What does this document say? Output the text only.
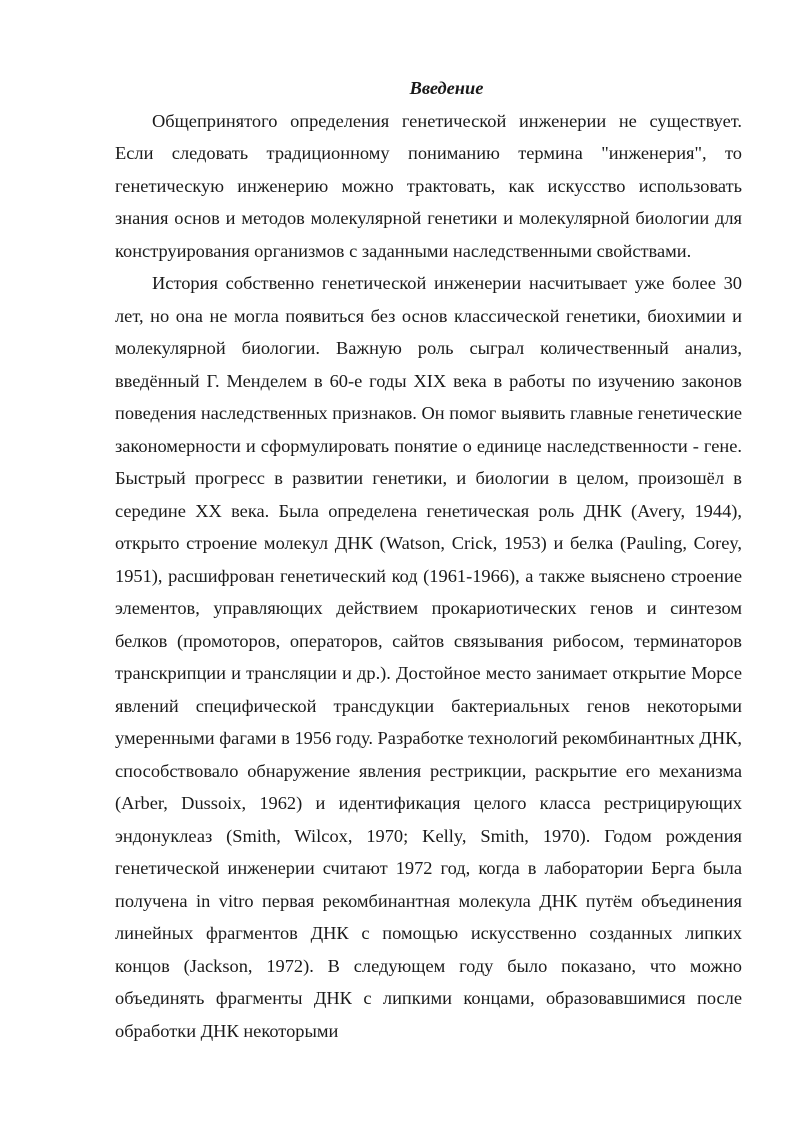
Введение

Общепринятого определения генетической инженерии не существует. Если следовать традиционному пониманию термина "инженерия", то генетическую инженерию можно трактовать, как искусство использовать знания основ и методов молекулярной генетики и молекулярной биологии для конструирования организмов с заданными наследственными свойствами.

История собственно генетической инженерии насчитывает уже более 30 лет, но она не могла появиться без основ классической генетики, биохимии и молекулярной биологии. Важную роль сыграл количественный анализ, введённый Г. Менделем в 60-е годы XIX века в работы по изучению законов поведения наследственных признаков. Он помог выявить главные генетические закономерности и сформулировать понятие о единице наследственности - гене. Быстрый прогресс в развитии генетики, и биологии в целом, произошёл в середине XX века. Была определена генетическая роль ДНК (Avery, 1944), открыто строение молекул ДНК (Watson, Crick, 1953) и белка (Pauling, Corey, 1951), расшифрован генетический код (1961-1966), а также выяснено строение элементов, управляющих действием прокариотических генов и синтезом белков (промоторов, операторов, сайтов связывания рибосом, терминаторов транскрипции и трансляции и др.). Достойное место занимает открытие Морсе явлений специфической трансдукции бактериальных генов некоторыми умеренными фагами в 1956 году. Разработке технологий рекомбинантных ДНК, способствовало обнаружение явления рестрикции, раскрытие его механизма (Arber, Dussoix, 1962) и идентификация целого класса рестрицирующих эндонуклеаз (Smith, Wilcox, 1970; Kelly, Smith, 1970). Годом рождения генетической инженерии считают 1972 год, когда в лаборатории Берга была получена in vitro первая рекомбинантная молекула ДНК путём объединения линейных фрагментов ДНК с помощью искусственно созданных липких концов (Jackson, 1972). В следующем году было показано, что можно объединять фрагменты ДНК с липкими концами, образовавшимися после обработки ДНК некоторыми
